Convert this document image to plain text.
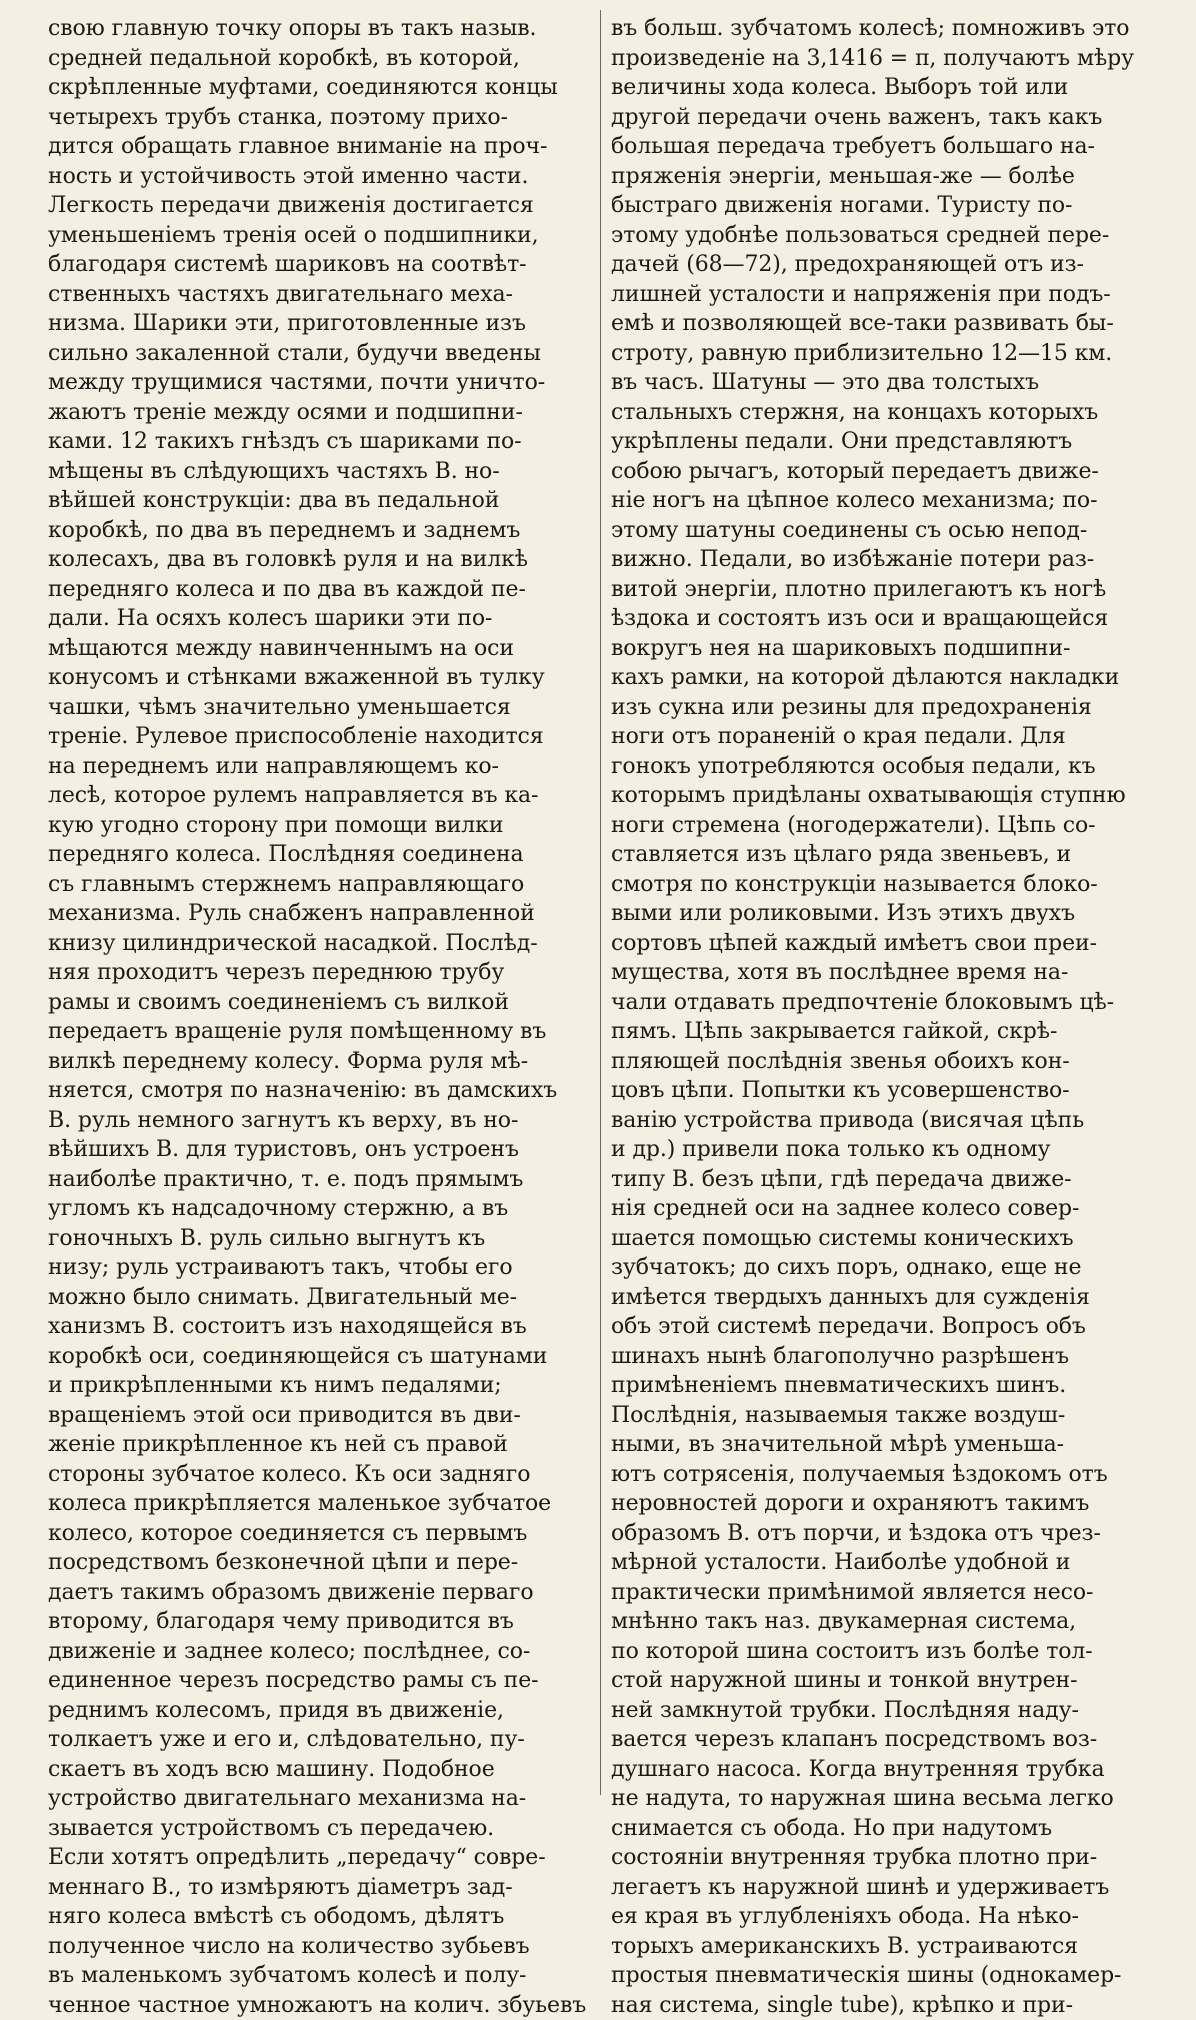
свою главную точку опоры въ такъ назыв.
средней педальной коробкѣ, въ которой,
скрѣпленные муфтами, соединяются концы
четырехъ трубъ станка, поэтому прихо-
дится обращать главное вниманіе на проч-
ность и устойчивость этой именно части.
Легкость передачи движенія достигается
уменьшеніемъ тренія осей о подшипники,
благодаря системѣ шариковъ на соотвѣт-
ственныхъ частяхъ двигательнаго меха-
низма. Шарики эти, приготовленные изъ
сильно закаленной стали, будучи введены
между трущимися частями, почти уничто-
жаютъ треніе между осями и подшипни-
ками. 12 такихъ гнѣздъ съ шариками по-
мѣщены въ слѣдующихъ частяхъ В. но-
вѣйшей конструкціи: два въ педальной
коробкѣ, по два въ переднемъ и заднемъ
колесахъ, два въ головкѣ руля и на вилкѣ
передняго колеса и по два въ каждой пе-
дали. На осяхъ колесъ шарики эти по-
мѣщаются между навинченнымъ на оси
конусомъ и стѣнками вжаженной въ тулку
чашки, чѣмъ значительно уменьшается
треніе. Рулевое приспособленіе находится
на переднемъ или направляющемъ ко-
лесѣ, которое рулемъ направляется въ ка-
кую угодно сторону при помощи вилки
передняго колеса. Послѣдняя соединена
съ главнымъ стержнемъ направляющаго
механизма. Руль снабженъ направленной
книзу цилиндрической насадкой. Послѣд-
няя проходитъ черезъ переднюю трубу
рамы и своимъ соединеніемъ съ вилкой
передаетъ вращеніе руля помѣщенному въ
вилкѣ переднему колесу. Форма руля мѣ-
няется, смотря по назначенію: въ дамскихъ
В. руль немного загнутъ къ верху, въ но-
вѣйшихъ В. для туристовъ, онъ устроенъ
наиболѣе практично, т. е. подъ прямымъ
угломъ къ надсадочному стержню, а въ
гоночныхъ В. руль сильно выгнутъ къ
низу; руль устраиваютъ такъ, чтобы его
можно было снимать. Двигательный ме-
ханизмъ В. состоитъ изъ находящейся въ
коробкѣ оси, соединяющейся съ шатунами
и прикрѣпленными къ нимъ педалями;
вращеніемъ этой оси приводится въ дви-
женіе прикрѣпленное къ ней съ правой
стороны зубчатое колесо. Къ оси задняго
колеса прикрѣпляется маленькое зубчатое
колесо, которое соединяется съ первымъ
посредствомъ безконечной цѣпи и пере-
даетъ такимъ образомъ движеніе перваго
второму, благодаря чему приводится въ
движеніе и заднее колесо; послѣднее, со-
единенное черезъ посредство рамы съ пе-
реднимъ колесомъ, придя въ движеніе,
толкаетъ уже и его и, слѣдовательно, пу-
скаетъ въ ходъ всю машину. Подобное
устройство двигательнаго механизма на-
зывается устройствомъ съ передачею.
Если хотятъ опредѣлить „передачу“ совре-
меннаго В., то измѣряютъ діаметръ зад-
няго колеса вмѣстѣ съ ободомъ, дѣлятъ
полученное число на количество зубьевъ
въ маленькомъ зубчатомъ колесѣ и полу-
ченное частное умножаютъ на колич. збуьевъ
въ больш. зубчатомъ колесѣ; помноживъ это
произведеніе на 3,1416 = π, получаютъ мѣру
величины хода колеса. Выборъ той или
другой передачи очень важенъ, такъ какъ
большая передача требуетъ большаго на-
пряженія энергіи, меньшая-же — болѣе
быстраго движенія ногами. Туристу по-
этому удобнѣе пользоваться средней пере-
дачей (68—72), предохраняющей отъ из-
лишней усталости и напряженія при подъ-
емѣ и позволяющей все-таки развивать бы-
строту, равную приблизительно 12—15 км.
въ часъ. Шатуны — это два толстыхъ
стальныхъ стержня, на концахъ которыхъ
укрѣплены педали. Они представляютъ
собою рычагъ, который передаетъ движе-
ніе ногъ на цѣпное колесо механизма; по-
этому шатуны соединены съ осью непод-
вижно. Педали, во избѣжаніе потери раз-
витой энергіи, плотно прилегаютъ къ ногѣ
ѣздока и состоятъ изъ оси и вращающейся
вокругъ нея на шариковыхъ подшипни-
кахъ рамки, на которой дѣлаются накладки
изъ сукна или резины для предохраненія
ноги отъ пораненій о края педали. Для
гонокъ употребляются особыя педали, къ
которымъ придѣланы охватывающія ступню
ноги стремена (ногодержатели). Цѣпь со-
ставляется изъ цѣлаго ряда звеньевъ, и
смотря по конструкціи называется блоко-
выми или роликовыми. Изъ этихъ двухъ
сортовъ цѣпей каждый имѣетъ свои преи-
мущества, хотя въ послѣднее время на-
чали отдавать предпочтеніе блоковымъ цѣ-
пямъ. Цѣпь закрывается гайкой, скрѣ-
пляющей послѣднія звенья обоихъ кон-
цовъ цѣпи. Попытки къ усовершенство-
ванію устройства привода (висячая цѣпь
и др.) привели пока только къ одному
типу В. безъ цѣпи, гдѣ передача движе-
нія средней оси на заднее колесо совер-
шается помощью системы коническихъ
зубчатокъ; до сихъ поръ, однако, еще не
имѣется твердыхъ данныхъ для сужденія
объ этой системѣ передачи. Вопросъ объ
шинахъ нынѣ благополучно разрѣшенъ
примѣненіемъ пневматическихъ шинъ.
Послѣднія, называемыя также воздуш-
ными, въ значительной мѣрѣ уменьша-
ютъ сотрясенія, получаемыя ѣздокомъ отъ
неровностей дороги и охраняютъ такимъ
образомъ В. отъ порчи, и ѣздока отъ чрез-
мѣрной усталости. Наиболѣе удобной и
практически примѣнимой является несо-
мнѣнно такъ наз. двукамерная система,
по которой шина состоитъ изъ болѣе тол-
стой наружной шины и тонкой внутрен-
ней замкнутой трубки. Послѣдняя наду-
вается черезъ клапанъ посредствомъ воз-
душнаго насоса. Когда внутренняя трубка
не надута, то наружная шина весьма легко
снимается съ обода. Но при надутомъ
состояніи внутренняя трубка плотно при-
легаетъ къ наружной шинѣ и удерживаетъ
ея края въ углубленіяхъ обода. На нѣко-
торыхъ американскихъ В. устраиваются
простыя пневматическія шины (однокамер-
ная система, single tube), крѣпко и при-
